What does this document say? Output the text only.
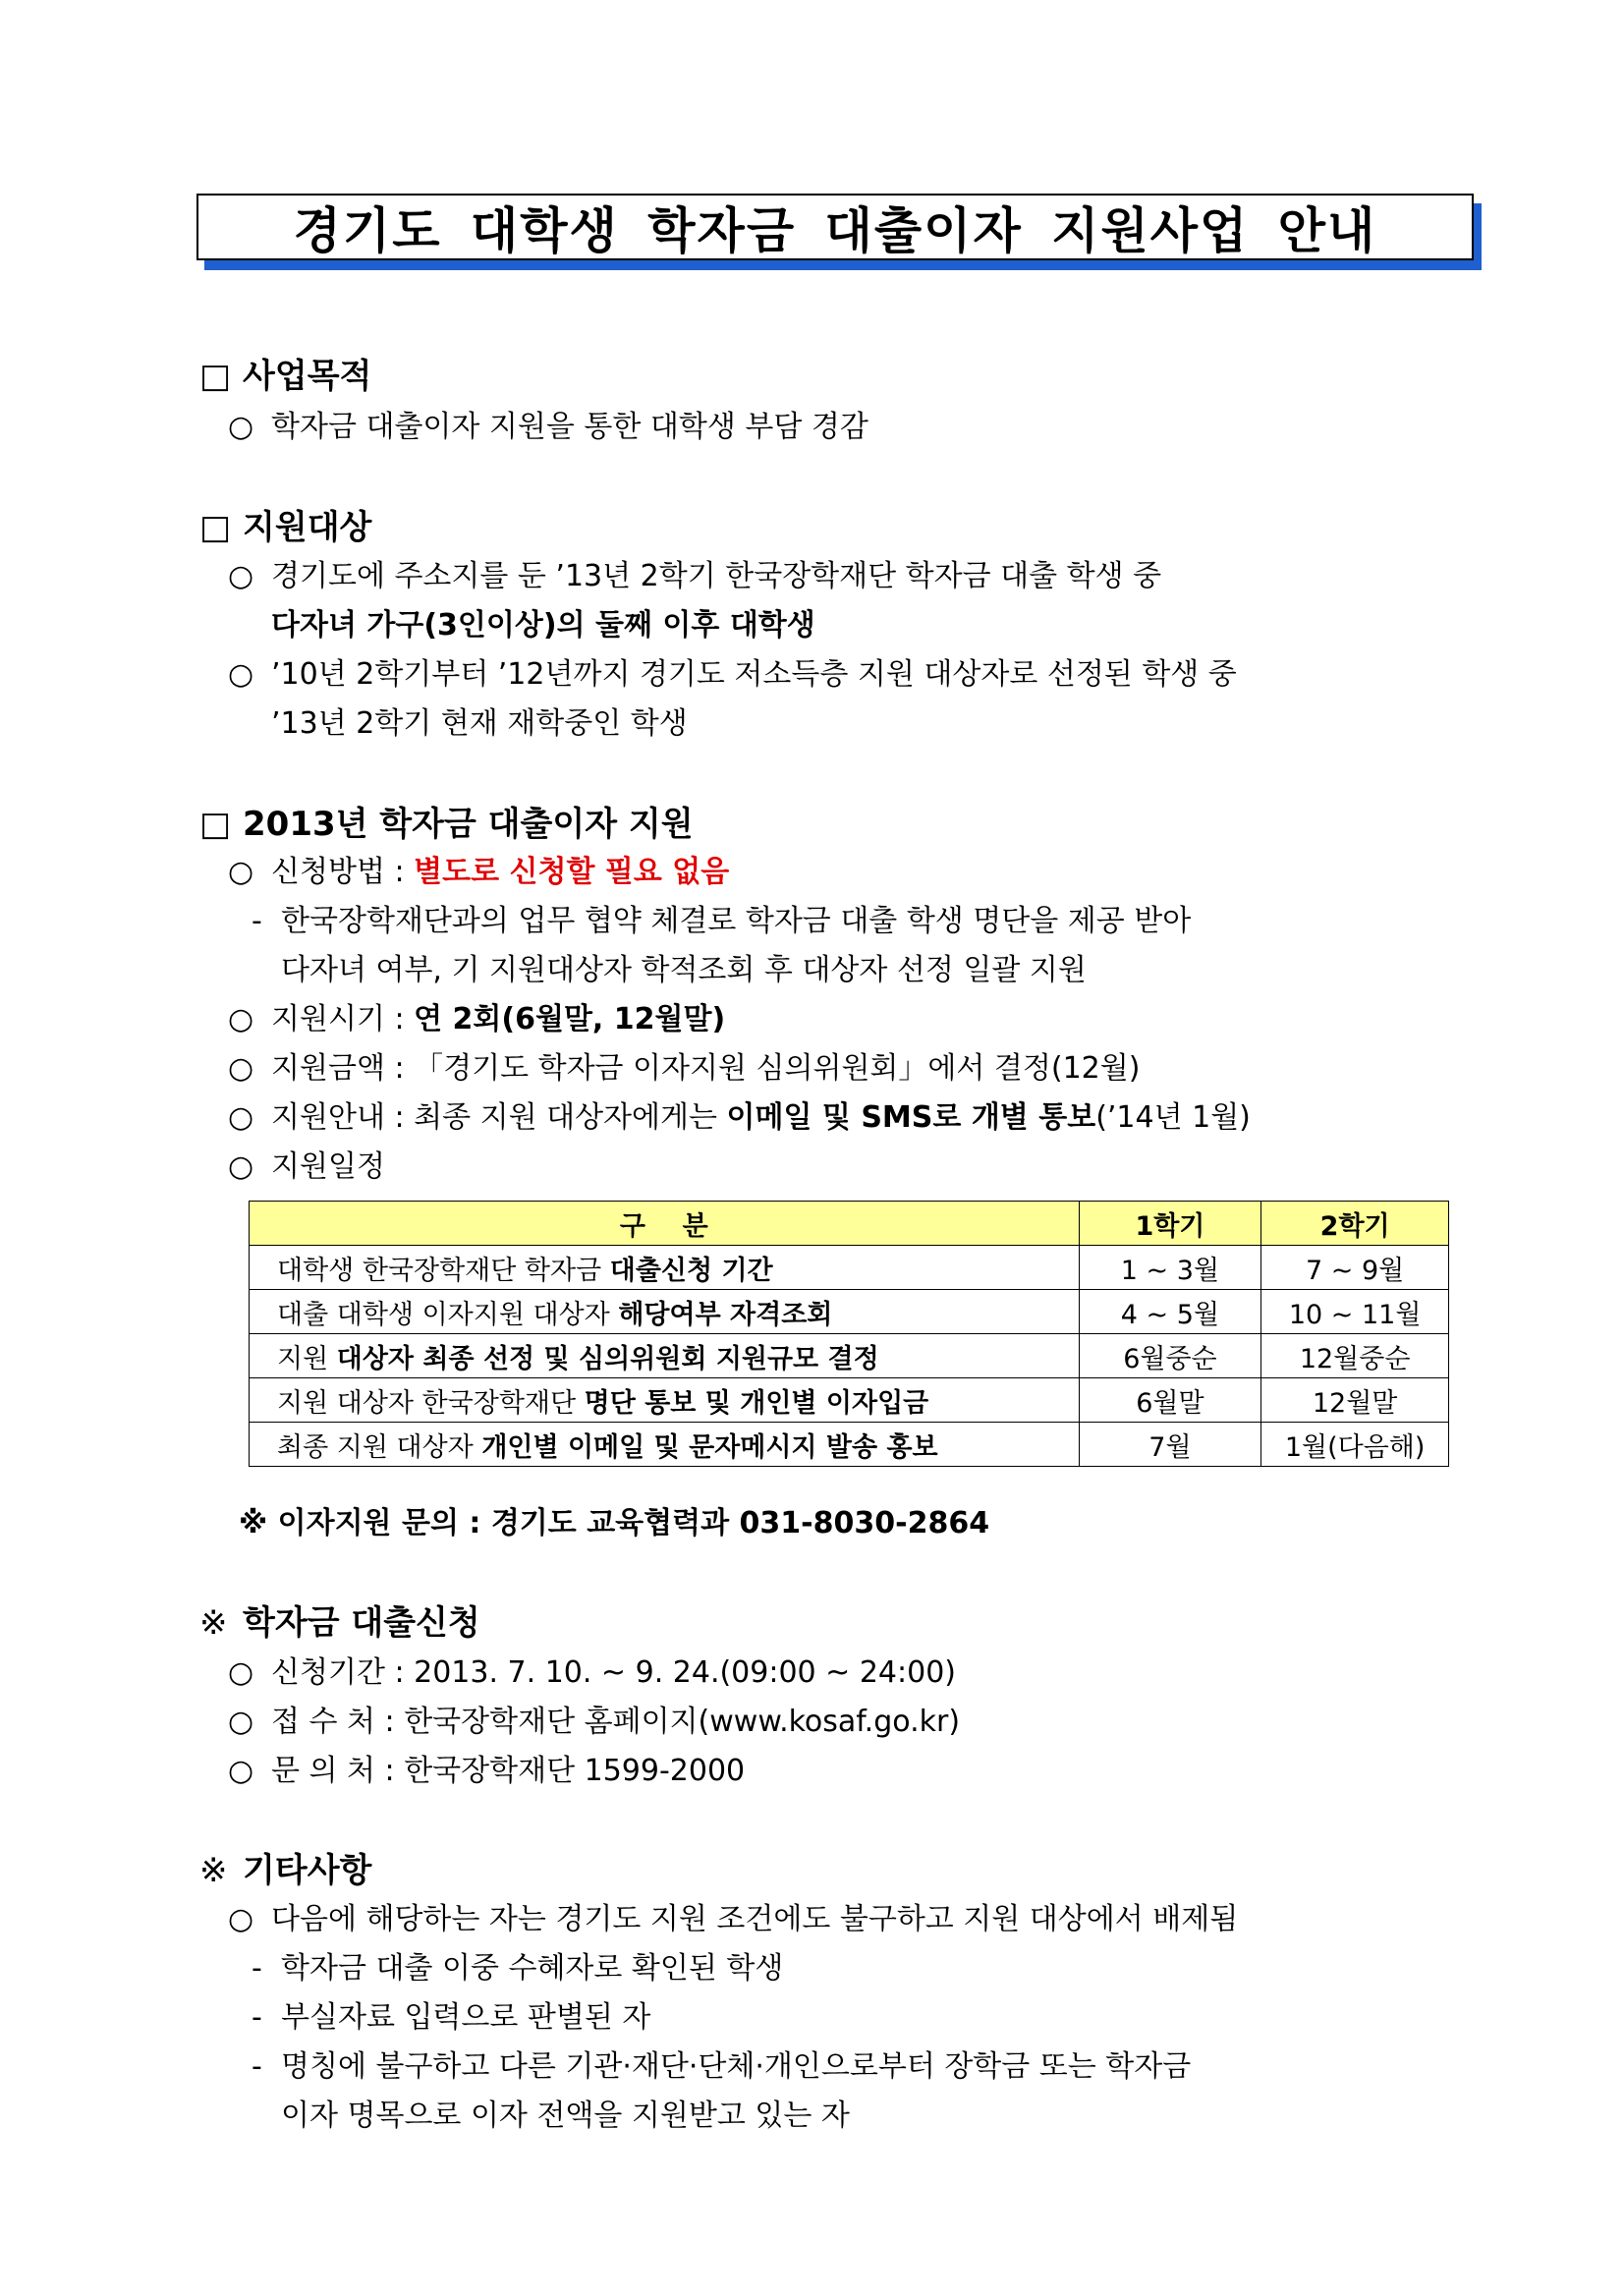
경기도 대학생 학자금 대출이자 지원사업 안내
□ 사업목적
○ 학자금 대출이자 지원을 통한 대학생 부담 경감
□ 지원대상
○ 경기도에 주소지를 둔 ’13년 2학기 한국장학재단 학자금 대출 학생 중
다자녀 가구(3인이상)의 둘째 이후 대학생
○ ’10년 2학기부터 ’12년까지 경기도 저소득층 지원 대상자로 선정된 학생 중
’13년 2학기 현재 재학중인 학생
□ 2013년 학자금 대출이자 지원
○ 신청방법 : 별도로 신청할 필요 없음
- 한국장학재단과의 업무 협약 체결로 학자금 대출 학생 명단을 제공 받아
다자녀 여부, 기 지원대상자 학적조회 후 대상자 선정 일괄 지원
○ 지원시기 : 연 2회(6월말, 12월말)
○ 지원금액 : 「경기도 학자금 이자지원 심의위원회」에서 결정(12월)
○ 지원안내 : 최종 지원 대상자에게는 이메일 및 SMS로 개별 통보(’14년 1월)
○ 지원일정
구    분	1학기	2학기
대학생 한국장학재단 학자금 대출신청 기간	1 ~ 3월	7 ~ 9월
대출 대학생 이자지원 대상자 해당여부 자격조회	4 ~ 5월	10 ~ 11월
지원 대상자 최종 선정 및 심의위원회 지원규모 결정	6월중순	12월중순
지원 대상자 한국장학재단 명단 통보 및 개인별 이자입금	6월말	12월말
최종 지원 대상자 개인별 이메일 및 문자메시지 발송 홍보	7월	1월(다음해)
※ 이자지원 문의 : 경기도 교육협력과 031-8030-2864
※ 학자금 대출신청
○ 신청기간 : 2013. 7. 10. ~ 9. 24.(09:00 ~ 24:00)
○ 접 수 처 : 한국장학재단 홈페이지(www.kosaf.go.kr)
○ 문 의 처 : 한국장학재단 1599-2000
※ 기타사항
○ 다음에 해당하는 자는 경기도 지원 조건에도 불구하고 지원 대상에서 배제됨
- 학자금 대출 이중 수혜자로 확인된 학생
- 부실자료 입력으로 판별된 자
- 명칭에 불구하고 다른 기관·재단·단체·개인으로부터 장학금 또는 학자금
이자 명목으로 이자 전액을 지원받고 있는 자
